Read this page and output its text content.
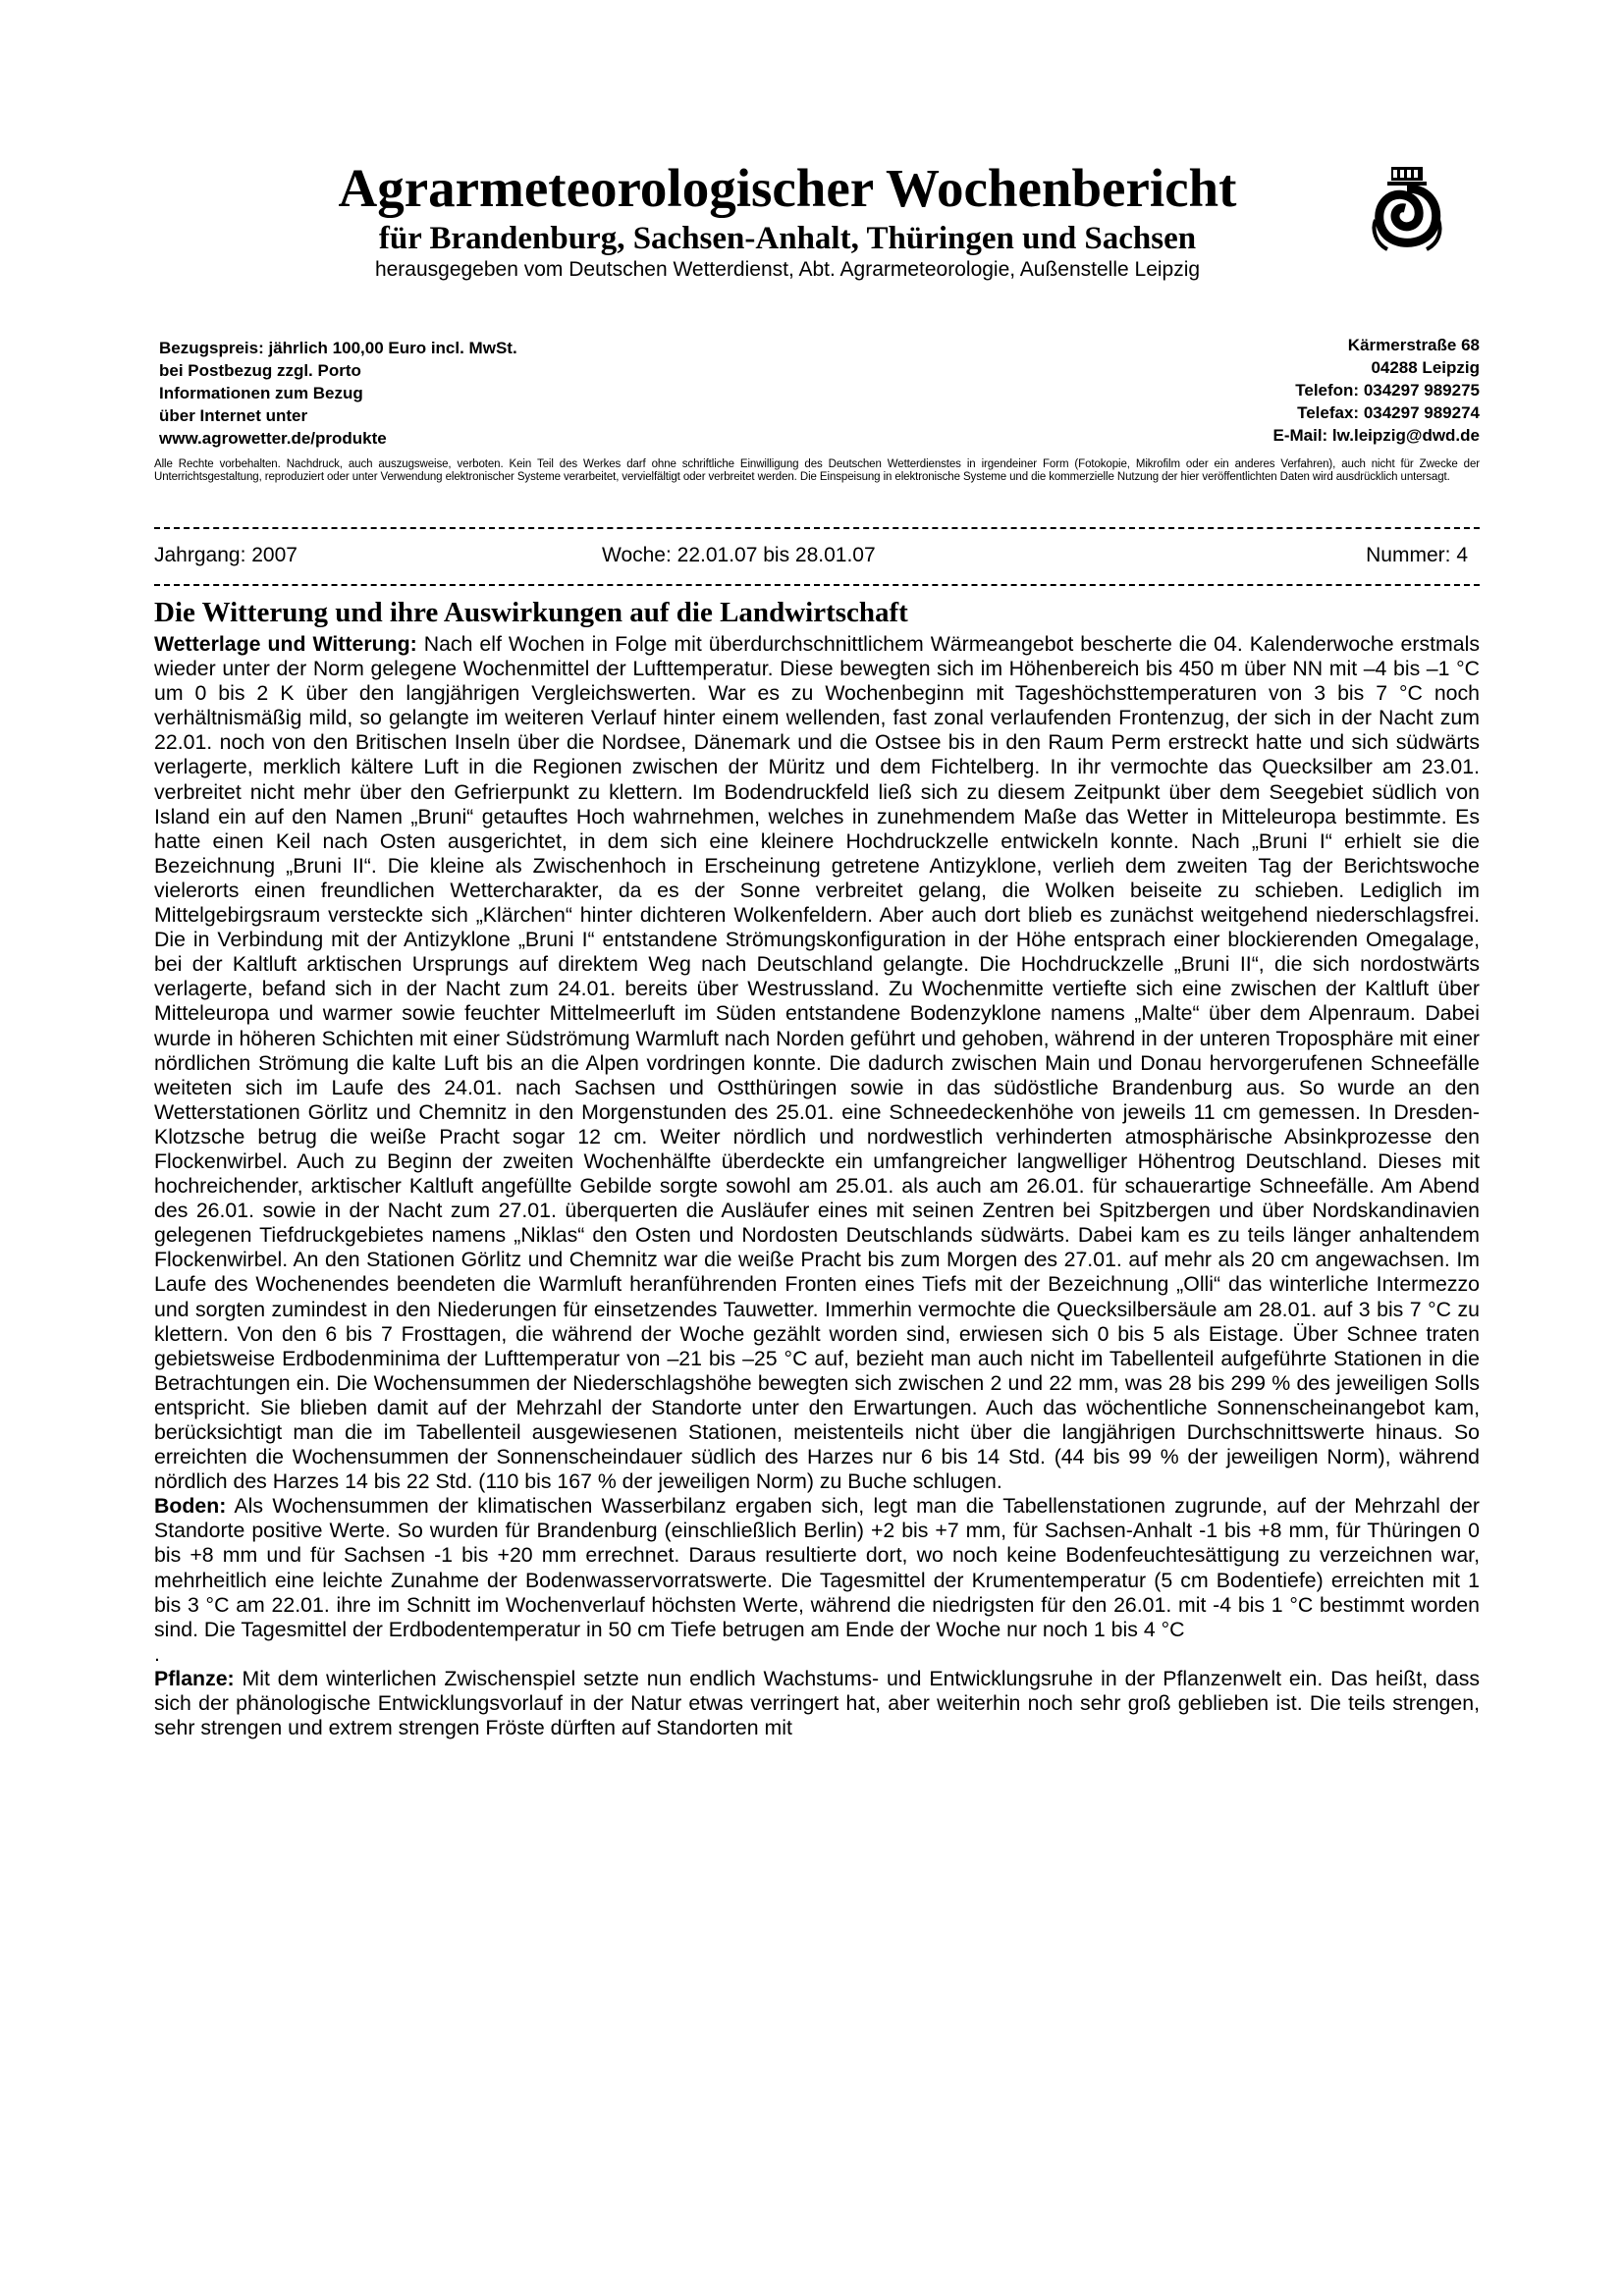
Agrarmeteorologischer Wochenbericht
für Brandenburg, Sachsen-Anhalt, Thüringen und Sachsen
herausgegeben vom Deutschen Wetterdienst, Abt. Agrarmeteorologie, Außenstelle Leipzig
Bezugspreis: jährlich 100,00 Euro incl. MwSt.
bei Postbezug zzgl. Porto
Informationen zum Bezug
über Internet unter
www.agrowetter.de/produkte
Kärmerstraße 68
04288 Leipzig
Telefon: 034297 989275
Telefax: 034297 989274
E-Mail: lw.leipzig@dwd.de
Alle Rechte vorbehalten. Nachdruck, auch auszugsweise, verboten. Kein Teil des Werkes darf ohne schriftliche Einwilligung des Deutschen Wetterdienstes in irgendeiner Form (Fotokopie, Mikrofilm oder ein anderes Verfahren), auch nicht für Zwecke der Unterrichtsgestaltung, reproduziert oder unter Verwendung elektronischer Systeme verarbeitet, vervielfältigt oder verbreitet werden. Die Einspeisung in elektronische Systeme und die kommerzielle Nutzung der hier veröffentlichten Daten wird ausdrücklich untersagt.
Jahrgang: 2007	Woche: 22.01.07 bis 28.01.07	Nummer: 4
Die Witterung und ihre Auswirkungen auf die Landwirtschaft

Wetterlage und Witterung: Nach elf Wochen in Folge mit überdurchschnittlichem Wärmeangebot bescherte die 04. Kalenderwoche erstmals wieder unter der Norm gelegene Wochenmittel der Lufttemperatur. Diese bewegten sich im Höhenbereich bis 450 m über NN mit –4 bis –1 °C um 0 bis 2 K über den langjährigen Vergleichswerten. War es zu Wochenbeginn mit Tageshöchsttemperaturen von 3 bis 7 °C noch verhältnismäßig mild, so gelangte im weiteren Verlauf hinter einem wellenden, fast zonal verlaufenden Frontenzug, der sich in der Nacht zum 22.01. noch von den Britischen Inseln über die Nordsee, Dänemark und die Ostsee bis in den Raum Perm erstreckt hatte und sich südwärts verlagerte, merklich kältere Luft in die Regionen zwischen der Müritz und dem Fichtelberg. In ihr vermochte das Quecksilber am 23.01. verbreitet nicht mehr über den Gefrierpunkt zu klettern. Im Bodendruckfeld ließ sich zu diesem Zeitpunkt über dem Seegebiet südlich von Island ein auf den Namen „Bruni“ getauftes Hoch wahrnehmen, welches in zunehmendem Maße das Wetter in Mitteleuropa bestimmte. Es hatte einen Keil nach Osten ausgerichtet, in dem sich eine kleinere Hochdruckzelle entwickeln konnte. Nach „Bruni I“ erhielt sie die Bezeichnung „Bruni II“. Die kleine als Zwischenhoch in Erscheinung getretene Antizyklone, verlieh dem zweiten Tag der Berichtswoche vielerorts einen freundlichen Wettercharakter, da es der Sonne verbreitet gelang, die Wolken beiseite zu schieben. Lediglich im Mittelgebirgsraum versteckte sich „Klärchen“ hinter dichteren Wolkenfeldern. Aber auch dort blieb es zunächst weitgehend niederschlagsfrei. Die in Verbindung mit der Antizyklone „Bruni I“ entstandene Strömungskonfiguration in der Höhe entsprach einer blockierenden Omegalage, bei der Kaltluft arktischen Ursprungs auf direktem Weg nach Deutschland gelangte. Die Hochdruckzelle „Bruni II“, die sich nordostwärts verlagerte, befand sich in der Nacht zum 24.01. bereits über Westrussland. Zu Wochenmitte vertiefte sich eine zwischen der Kaltluft über Mitteleuropa und warmer sowie feuchter Mittelmeerluft im Süden entstandene Bodenzyklone namens „Malte“ über dem Alpenraum. Dabei wurde in höheren Schichten mit einer Südströmung Warmluft nach Norden geführt und gehoben, während in der unteren Troposphäre mit einer nördlichen Strömung die kalte Luft bis an die Alpen vordringen konnte. Die dadurch zwischen Main und Donau hervorgerufenen Schneefälle weiteten sich im Laufe des 24.01. nach Sachsen und Ostthüringen sowie in das südöstliche Brandenburg aus. So wurde an den Wetterstationen Görlitz und Chemnitz in den Morgenstunden des 25.01. eine Schneedeckenhöhe von jeweils 11 cm gemessen. In Dresden-Klotzsche betrug die weiße Pracht sogar 12 cm. Weiter nördlich und nordwestlich verhinderten atmosphärische Absinkprozesse den Flockenwirbel. Auch zu Beginn der zweiten Wochenhälfte überdeckte ein umfangreicher langwelliger Höhentrog Deutschland. Dieses mit hochreichender, arktischer Kaltluft angefüllte Gebilde sorgte sowohl am 25.01. als auch am 26.01. für schauerartige Schneefälle. Am Abend des 26.01. sowie in der Nacht zum 27.01. überquerten die Ausläufer eines mit seinen Zentren bei Spitzbergen und über Nordskandinavien gelegenen Tiefdruckgebietes namens „Niklas“ den Osten und Nordosten Deutschlands südwärts. Dabei kam es zu teils länger anhaltendem Flockenwirbel. An den Stationen Görlitz und Chemnitz war die weiße Pracht bis zum Morgen des 27.01. auf mehr als 20 cm angewachsen. Im Laufe des Wochenendes beendeten die Warmluft heranführenden Fronten eines Tiefs mit der Bezeichnung „Olli“ das winterliche Intermezzo und sorgten zumindest in den Niederungen für einsetzendes Tauwetter. Immerhin vermochte die Quecksilbersäule am 28.01. auf 3 bis 7 °C zu klettern. Von den 6 bis 7 Frosttagen, die während der Woche gezählt worden sind, erwiesen sich 0 bis 5 als Eistage. Über Schnee traten gebietsweise Erdbodenminima der Lufttemperatur von –21 bis –25 °C auf, bezieht man auch nicht im Tabellenteil aufgeführte Stationen in die Betrachtungen ein. Die Wochensummen der Niederschlagshöhe bewegten sich zwischen 2 und 22 mm, was 28 bis 299 % des jeweiligen Solls entspricht. Sie blieben damit auf der Mehrzahl der Standorte unter den Erwartungen. Auch das wöchentliche Sonnenscheinangebot kam, berücksichtigt man die im Tabellenteil ausgewiesenen Stationen, meistenteils nicht über die langjährigen Durchschnittswerte hinaus. So erreichten die Wochensummen der Sonnenscheindauer südlich des Harzes nur 6 bis 14 Std. (44 bis 99 % der jeweiligen Norm), während nördlich des Harzes 14 bis 22 Std. (110 bis 167 % der jeweiligen Norm) zu Buche schlugen.

Boden: Als Wochensummen der klimatischen Wasserbilanz ergaben sich, legt man die Tabellenstationen zugrunde, auf der Mehrzahl der Standorte positive Werte. So wurden für Brandenburg (einschließlich Berlin) +2 bis +7 mm, für Sachsen-Anhalt -1 bis +8 mm, für Thüringen 0 bis +8 mm und für Sachsen -1 bis +20 mm errechnet. Daraus resultierte dort, wo noch keine Bodenfeuchtesättigung zu verzeichnen war, mehrheitlich eine leichte Zunahme der Bodenwasservorratswerte. Die Tagesmittel der Krumentemperatur (5 cm Bodentiefe) erreichten mit 1 bis 3 °C am 22.01. ihre im Schnitt im Wochenverlauf höchsten Werte, während die niedrigsten für den 26.01. mit -4 bis 1 °C bestimmt worden sind. Die Tagesmittel der Erdbodentemperatur in 50 cm Tiefe betrugen am Ende der Woche nur noch 1 bis 4 °C

.

Pflanze: Mit dem winterlichen Zwischenspiel setzte nun endlich Wachstums- und Entwicklungsruhe in der Pflanzenwelt ein. Das heißt, dass sich der phänologische Entwicklungsvorlauf in der Natur etwas verringert hat, aber weiterhin noch sehr groß geblieben ist. Die teils strengen, sehr strengen und extrem strengen Fröste dürften auf Standorten mit
